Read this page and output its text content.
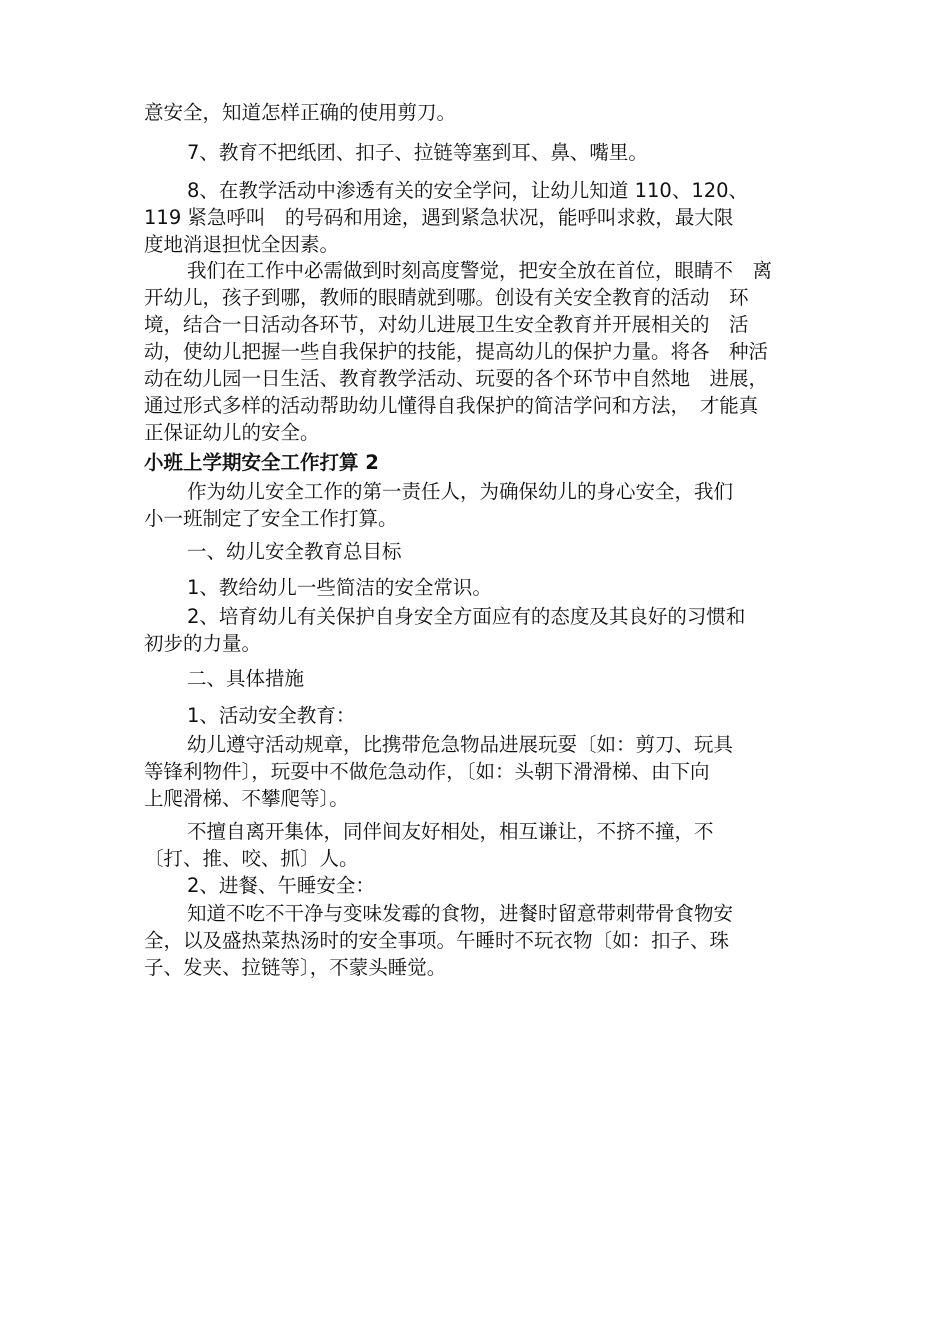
意安全，知道怎样正确的使用剪刀。

7、教育不把纸团、扣子、拉链等塞到耳、鼻、嘴里。

8、在教学活动中渗透有关的安全学问，让幼儿知道 110、120、
119 紧急呼叫　的号码和用途，遇到紧急状况，能呼叫求救，最大限
度地消退担忧全因素。

我们在工作中必需做到时刻高度警觉，把安全放在首位，眼睛不　离
开幼儿，孩子到哪，教师的眼睛就到哪。创设有关安全教育的活动　环
境，结合一日活动各环节，对幼儿进展卫生安全教育并开展相关的　活
动，使幼儿把握一些自我保护的技能，提高幼儿的保护力量。将各　种活
动在幼儿园一日生活、教育教学活动、玩耍的各个环节中自然地　进展，
通过形式多样的活动帮助幼儿懂得自我保护的简洁学问和方法，　才能真
正保证幼儿的安全。

小班上学期安全工作打算 2

作为幼儿安全工作的第一责任人，为确保幼儿的身心安全，我们
小一班制定了安全工作打算。

一、幼儿安全教育总目标

1、教给幼儿一些简洁的安全常识。

2、培育幼儿有关保护自身安全方面应有的态度及其良好的习惯和
初步的力量。

二、具体措施

1、活动安全教育：

幼儿遵守活动规章，比携带危急物品进展玩耍〔如：剪刀、玩具
等锋利物件〕，玩耍中不做危急动作，〔如：头朝下滑滑梯、由下向
上爬滑梯、不攀爬等〕。

不擅自离开集体，同伴间友好相处，相互谦让，不挤不撞，不
〔打、推、咬、抓〕人。

2、进餐、午睡安全：

知道不吃不干净与变味发霉的食物，进餐时留意带刺带骨食物安
全，以及盛热菜热汤时的安全事项。午睡时不玩衣物〔如：扣子、珠
子、发夹、拉链等〕，不蒙头睡觉。
